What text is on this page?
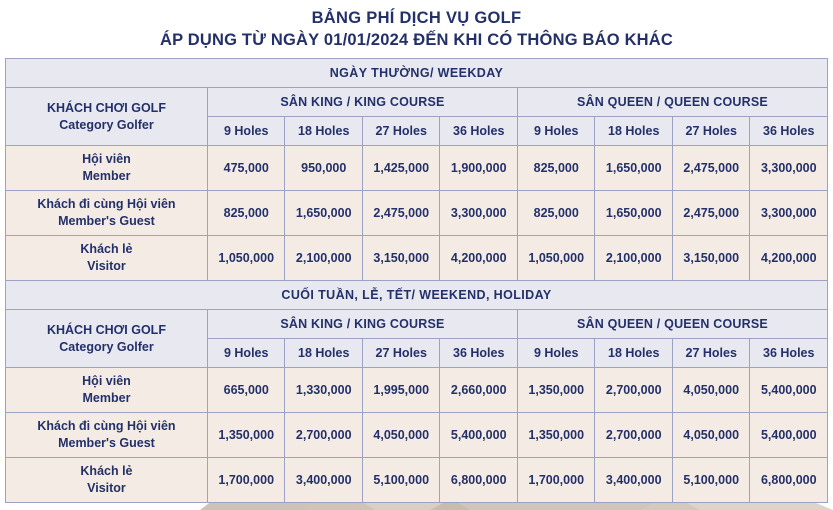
BẢNG PHÍ DỊCH VỤ GOLF
ÁP DỤNG TỪ NGÀY 01/01/2024 ĐẾN KHI CÓ THÔNG BÁO KHÁC
NGÀY THƯỜNG/ WEEKDAY								

KHÁCH CHƠI GOLF
Category Golfer	SÂN KING / KING COURSE				SÂN QUEEN / QUEEN COURSE			
	9 Holes	18 Holes	27 Holes	36 Holes	9 Holes	18 Holes	27 Holes	36 Holes

Hội viên
Member	475,000	950,000	1,425,000	1,900,000	825,000	1,650,000	2,475,000	3,300,000

Khách đi cùng Hội viên
Member's Guest	825,000	1,650,000	2,475,000	3,300,000	825,000	1,650,000	2,475,000	3,300,000

Khách lẻ
Visitor	1,050,000	2,100,000	3,150,000	4,200,000	1,050,000	2,100,000	3,150,000	4,200,000
CUỐI TUẦN, LỄ, TẾT/ WEEKEND, HOLIDAY								

KHÁCH CHƠI GOLF
Category Golfer	SÂN KING / KING COURSE				SÂN QUEEN / QUEEN COURSE			
	9 Holes	18 Holes	27 Holes	36 Holes	9 Holes	18 Holes	27 Holes	36 Holes

Hội viên
Member	665,000	1,330,000	1,995,000	2,660,000	1,350,000	2,700,000	4,050,000	5,400,000

Khách đi cùng Hội viên
Member's Guest	1,350,000	2,700,000	4,050,000	5,400,000	1,350,000	2,700,000	4,050,000	5,400,000

Khách lẻ
Visitor	1,700,000	3,400,000	5,100,000	6,800,000	1,700,000	3,400,000	5,100,000	6,800,000
